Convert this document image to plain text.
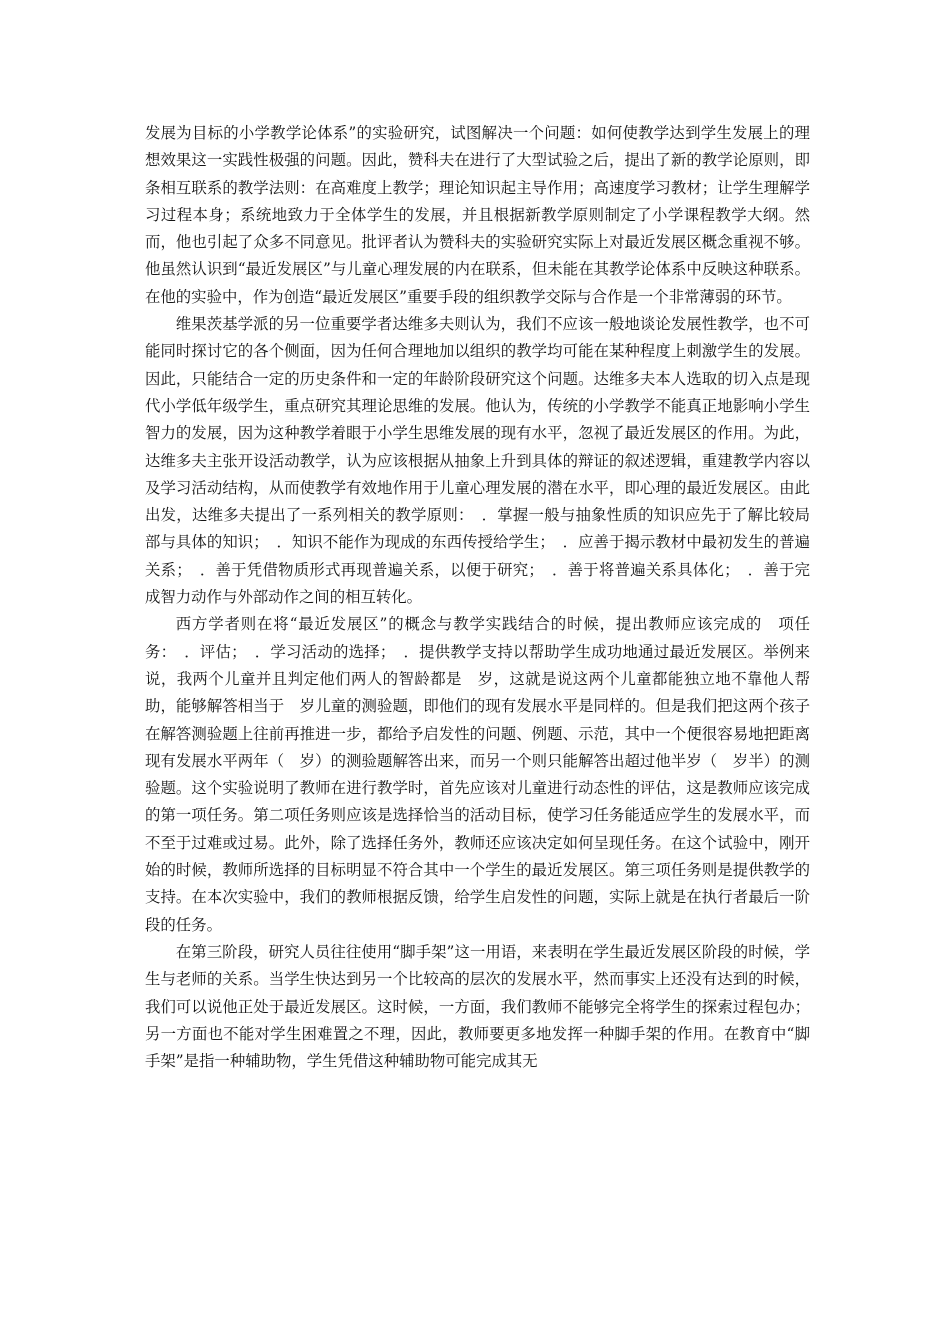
发展为目标的小学教学论体系”的实验研究，试图解决一个问题：如何使教学达到学生发展上的理想效果这一实践性极强的问题。因此，赞科夫在进行了大型试验之后，提出了新的教学论原则，即　条相互联系的教学法则：在高难度上教学；理论知识起主导作用；高速度学习教材；让学生理解学习过程本身；系统地致力于全体学生的发展，并且根据新教学原则制定了小学课程教学大纲。然而，他也引起了众多不同意见。批评者认为赞科夫的实验研究实际上对最近发展区概念重视不够。他虽然认识到“最近发展区”与儿童心理发展的内在联系，但未能在其教学论体系中反映这种联系。在他的实验中，作为创造“最近发展区”重要手段的组织教学交际与合作是一个非常薄弱的环节。

维果茨基学派的另一位重要学者达维多夫则认为，我们不应该一般地谈论发展性教学，也不可能同时探讨它的各个侧面，因为任何合理地加以组织的教学均可能在某种程度上刺激学生的发展。因此，只能结合一定的历史条件和一定的年龄阶段研究这个问题。达维多夫本人选取的切入点是现代小学低年级学生，重点研究其理论思维的发展。他认为，传统的小学教学不能真正地影响小学生智力的发展，因为这种教学着眼于小学生思维发展的现有水平，忽视了最近发展区的作用。为此，达维多夫主张开设活动教学，认为应该根据从抽象上升到具体的辩证的叙述逻辑，重建教学内容以及学习活动结构，从而使教学有效地作用于儿童心理发展的潜在水平，即心理的最近发展区。由此出发，达维多夫提出了一系列相关的教学原则：　．掌握一般与抽象性质的知识应先于了解比较局部与具体的知识；　．知识不能作为现成的东西传授给学生；　．应善于揭示教材中最初发生的普遍关系；　．善于凭借物质形式再现普遍关系，以便于研究；　．善于将普遍关系具体化；　．善于完成智力动作与外部动作之间的相互转化。

西方学者则在将“最近发展区”的概念与教学实践结合的时候，提出教师应该完成的　项任务：　．评估；　．学习活动的选择；　．提供教学支持以帮助学生成功地通过最近发展区。举例来说，我两个儿童并且判定他们两人的智龄都是　岁，这就是说这两个儿童都能独立地不靠他人帮助，能够解答相当于　岁儿童的测验题，即他们的现有发展水平是同样的。但是我们把这两个孩子在解答测验题上往前再推进一步，都给予启发性的问题、例题、示范，其中一个便很容易地把距离现有发展水平两年（　岁）的测验题解答出来，而另一个则只能解答出超过他半岁（　岁半）的测验题。这个实验说明了教师在进行教学时，首先应该对儿童进行动态性的评估，这是教师应该完成的第一项任务。第二项任务则应该是选择恰当的活动目标，使学习任务能适应学生的发展水平，而不至于过难或过易。此外，除了选择任务外，教师还应该决定如何呈现任务。在这个试验中，刚开始的时候，教师所选择的目标明显不符合其中一个学生的最近发展区。第三项任务则是提供教学的支持。在本次实验中，我们的教师根据反馈，给学生启发性的问题，实际上就是在执行者最后一阶段的任务。

在第三阶段，研究人员往往使用“脚手架”这一用语，来表明在学生最近发展区阶段的时候，学生与老师的关系。当学生快达到另一个比较高的层次的发展水平，然而事实上还没有达到的时候，我们可以说他正处于最近发展区。这时候，一方面，我们教师不能够完全将学生的探索过程包办；另一方面也不能对学生困难置之不理，因此，教师要更多地发挥一种脚手架的作用。在教育中“脚手架”是指一种辅助物，学生凭借这种辅助物可能完成其无
